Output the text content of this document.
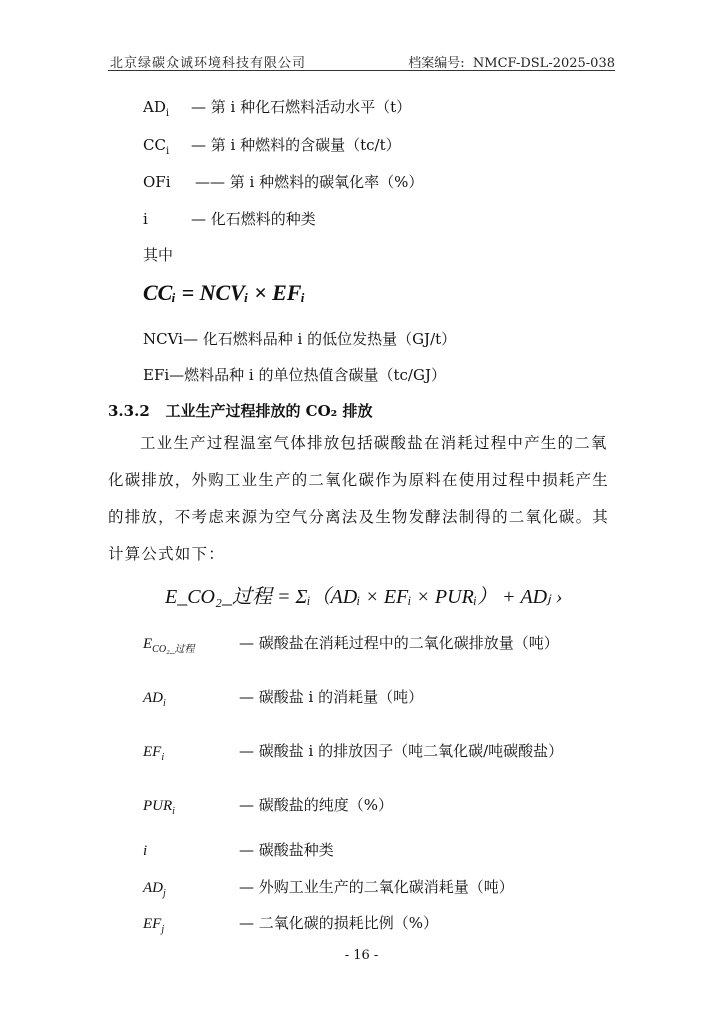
北京绿碳众诚环境科技有限公司	档案编号: NMCF-DSL-2025-038
$AD_i$ — 第 i 种化石燃料活动水平（t）
$CC_i$ — 第 i 种燃料的含碳量（tc/t）
OFi —— 第 i 种燃料的碳氧化率（%）
i	— 化石燃料的种类
其中
CCᵢ = NCVᵢ × EFᵢ
NCVi— 化石燃料品种 i 的低位发热量（GJ/t）
EFi—燃料品种 i 的单位热值含碳量（tc/GJ）
3.3.2 工业生产过程排放的 CO₂ 排放
工业生产过程温室气体排放包括碳酸盐在消耗过程中产生的二氧化碳排放，外购工业生产的二氧化碳作为原料在使用过程中损耗产生的排放，不考虑来源为空气分离法及生物发酵法制得的二氧化碳。其计算公式如下：
E_CO₂_过程 = Σᵢ（ADᵢ × EFᵢ × PURᵢ） + ADⱼ ›
$E_{CO_2\_过程}$	— 碳酸盐在消耗过程中的二氧化碳排放量（吨）
$AD_i$	— 碳酸盐 i 的消耗量（吨）
$EF_i$	— 碳酸盐 i 的排放因子（吨二氧化碳/吨碳酸盐）
$PUR_i$	— 碳酸盐的纯度（%）
i	— 碳酸盐种类
$AD_j$	— 外购工业生产的二氧化碳消耗量（吨）
$EF_j$	— 二氧化碳的损耗比例（%）
- 16 -
